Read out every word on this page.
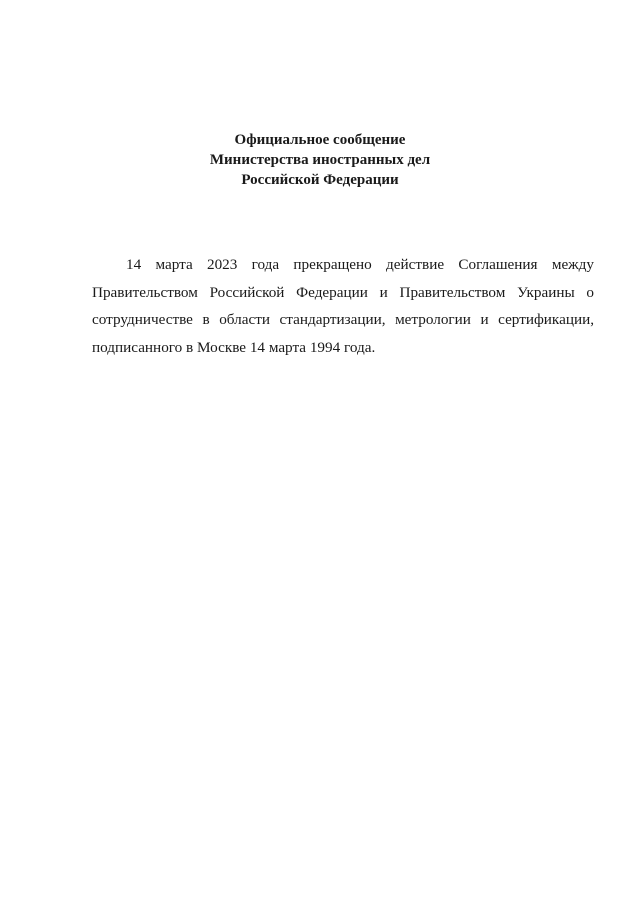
Официальное сообщение
Министерства иностранных дел
Российской Федерации
14 марта 2023 года прекращено действие Соглашения между
Правительством Российской Федерации и Правительством Украины о
сотрудничестве в области стандартизации, метрологии и сертификации,
подписанного в Москве 14 марта 1994 года.
